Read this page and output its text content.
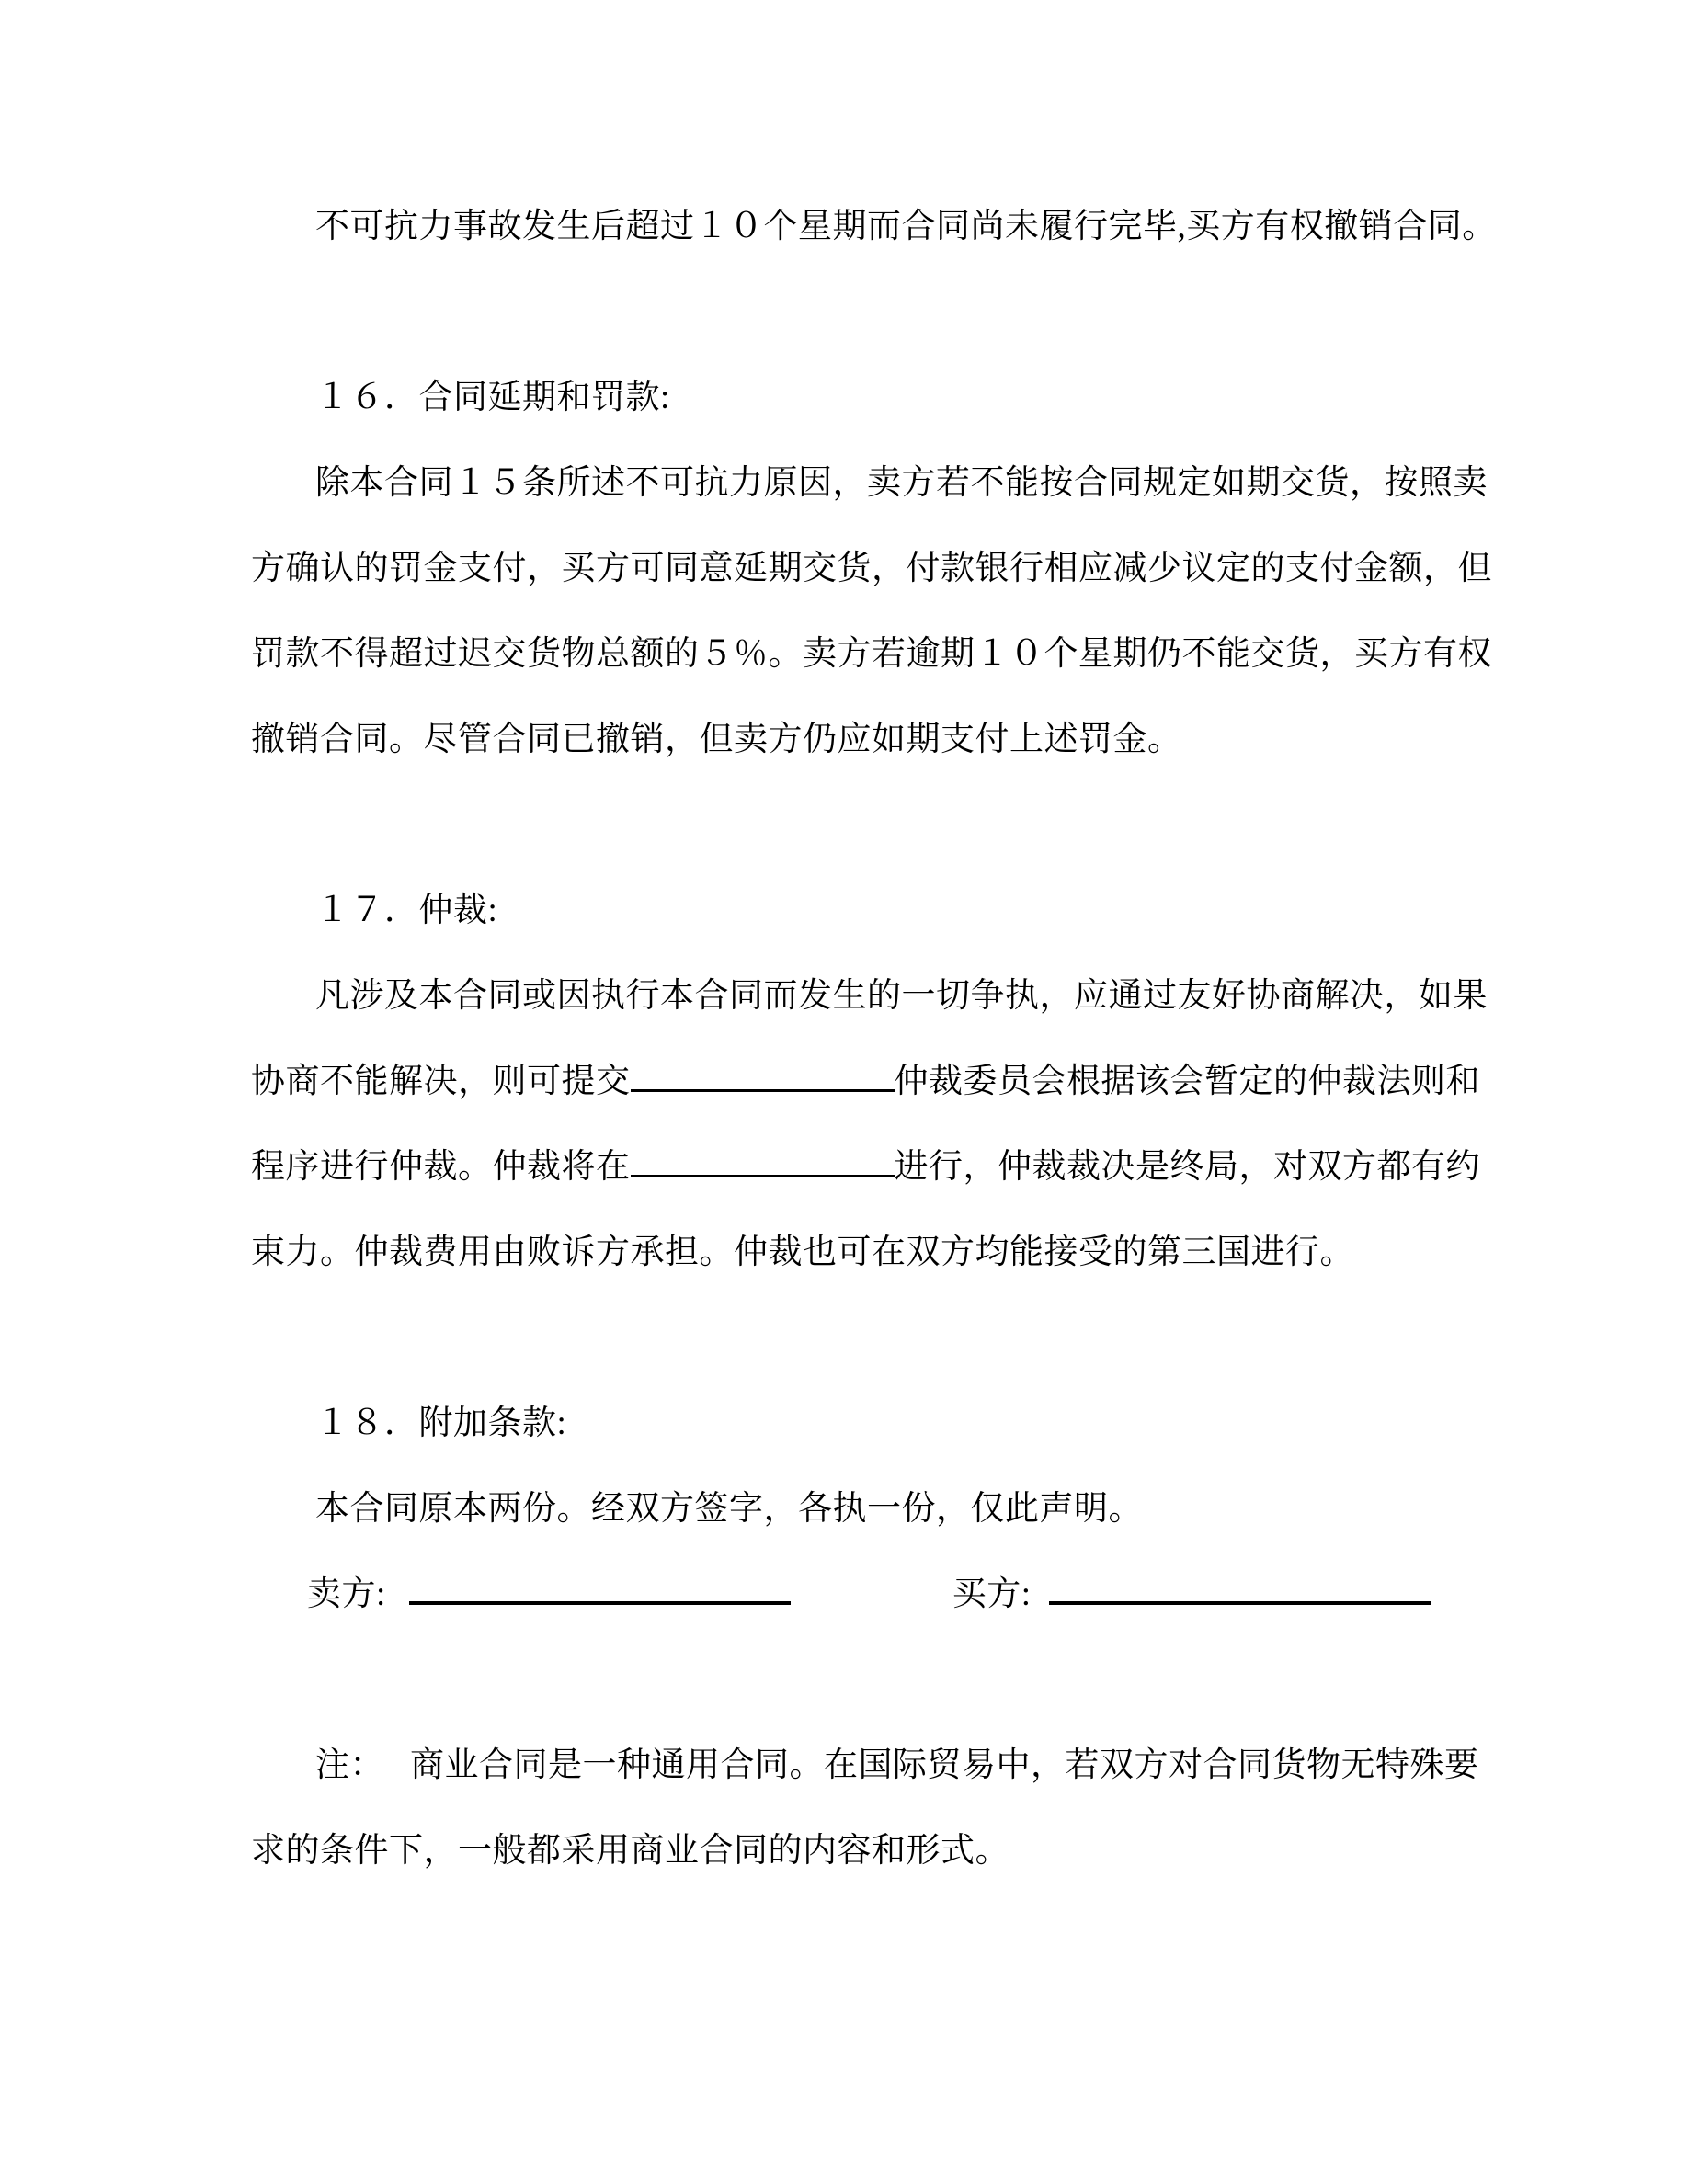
不可抗力事故发生后超过１０个星期而合同尚未履行完毕,买方有权撤销合同。
１６．合同延期和罚款:
除本合同１５条所述不可抗力原因，卖方若不能按合同规定如期交货，按照卖
方确认的罚金支付，买方可同意延期交货，付款银行相应减少议定的支付金额，但
罚款不得超过迟交货物总额的５％。卖方若逾期１０个星期仍不能交货，买方有权
撤销合同。尽管合同已撤销，但卖方仍应如期支付上述罚金。
１７．仲裁:
凡涉及本合同或因执行本合同而发生的一切争执，应通过友好协商解决，如果
协商不能解决，则可提交	仲裁委员会根据该会暂定的仲裁法则和
程序进行仲裁。仲裁将在	进行，仲裁裁决是终局，对双方都有约
束力。仲裁费用由败诉方承担。仲裁也可在双方均能接受的第三国进行。
１８．附加条款:
本合同原本两份。经双方签字，各执一份，仅此声明。
卖方:	买方:
注： 商业合同是一种通用合同。在国际贸易中，若双方对合同货物无特殊要
求的条件下，一般都采用商业合同的内容和形式。
